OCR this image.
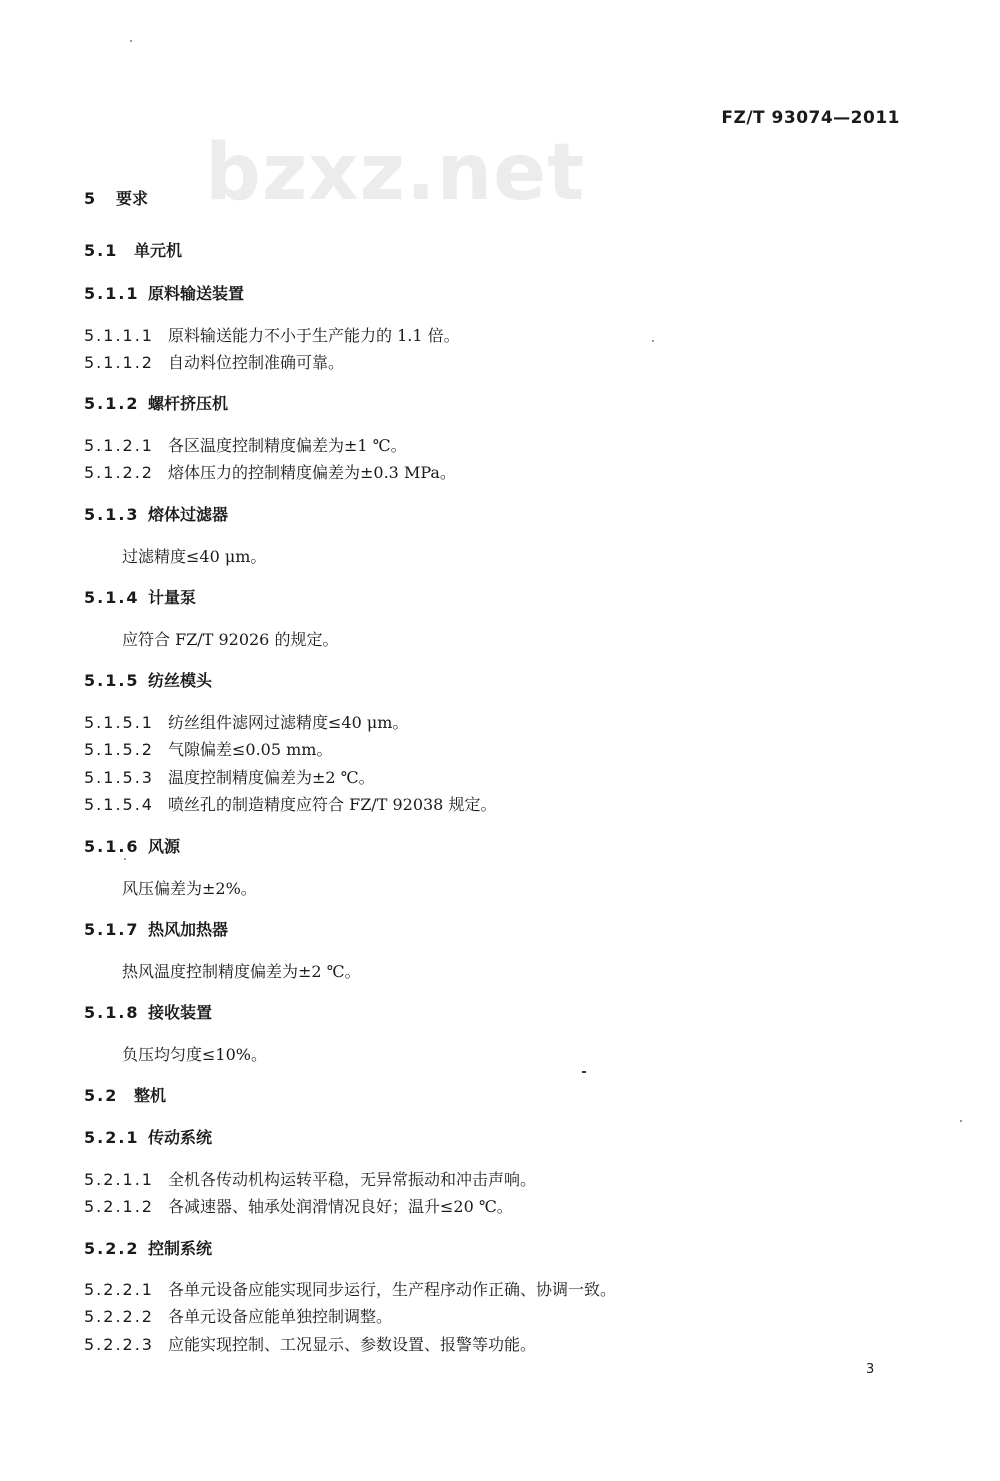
bzxz.net
FZ/T 93074—2011
5 要求
5.1 单元机
5.1.1 原料输送装置
5.1.1.1 原料输送能力不小于生产能力的 1.1 倍。
5.1.1.2 自动料位控制准确可靠。
5.1.2 螺杆挤压机
5.1.2.1 各区温度控制精度偏差为±1 ℃。
5.1.2.2 熔体压力的控制精度偏差为±0.3 MPa。
5.1.3 熔体过滤器
过滤精度≤40 μm。
5.1.4 计量泵
应符合 FZ/T 92026 的规定。
5.1.5 纺丝模头
5.1.5.1 纺丝组件滤网过滤精度≤40 μm。
5.1.5.2 气隙偏差≤0.05 mm。
5.1.5.3 温度控制精度偏差为±2 ℃。
5.1.5.4 喷丝孔的制造精度应符合 FZ/T 92038 规定。
5.1.6 风源
风压偏差为±2%。
5.1.7 热风加热器
热风温度控制精度偏差为±2 ℃。
5.1.8 接收装置
负压均匀度≤10%。
5.2 整机
5.2.1 传动系统
5.2.1.1 全机各传动机构运转平稳，无异常振动和冲击声响。
5.2.1.2 各减速器、轴承处润滑情况良好；温升≤20 ℃。
5.2.2 控制系统
5.2.2.1 各单元设备应能实现同步运行，生产程序动作正确、协调一致。
5.2.2.2 各单元设备应能单独控制调整。
5.2.2.3 应能实现控制、工况显示、参数设置、报警等功能。
3
